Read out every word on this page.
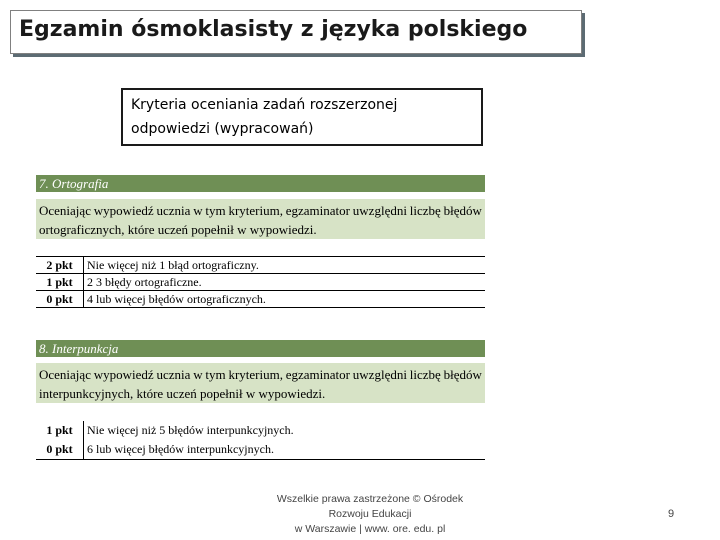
Egzamin ósmoklasisty z języka polskiego
Kryteria oceniania zadań rozszerzonej
odpowiedzi (wypracowań)
7. Ortografia
Oceniając wypowiedź ucznia w tym kryterium, egzaminator uwzględni liczbę błędów
ortograficznych, które uczeń popełnił w wypowiedzi.
2 pkt	Nie więcej niż 1 błąd ortograficzny.
1 pkt	2 3 błędy ortograficzne.
0 pkt	4 lub więcej błędów ortograficznych.
8. Interpunkcja
Oceniając wypowiedź ucznia w tym kryterium, egzaminator uwzględni liczbę błędów
interpunkcyjnych, które uczeń popełnił w wypowiedzi.
1 pkt	Nie więcej niż 5 błędów interpunkcyjnych.
0 pkt	6 lub więcej błędów interpunkcyjnych.
Wszelkie prawa zastrzeżone © Ośrodek
Rozwoju Edukacji
w Warszawie | www. ore. edu. pl
9
